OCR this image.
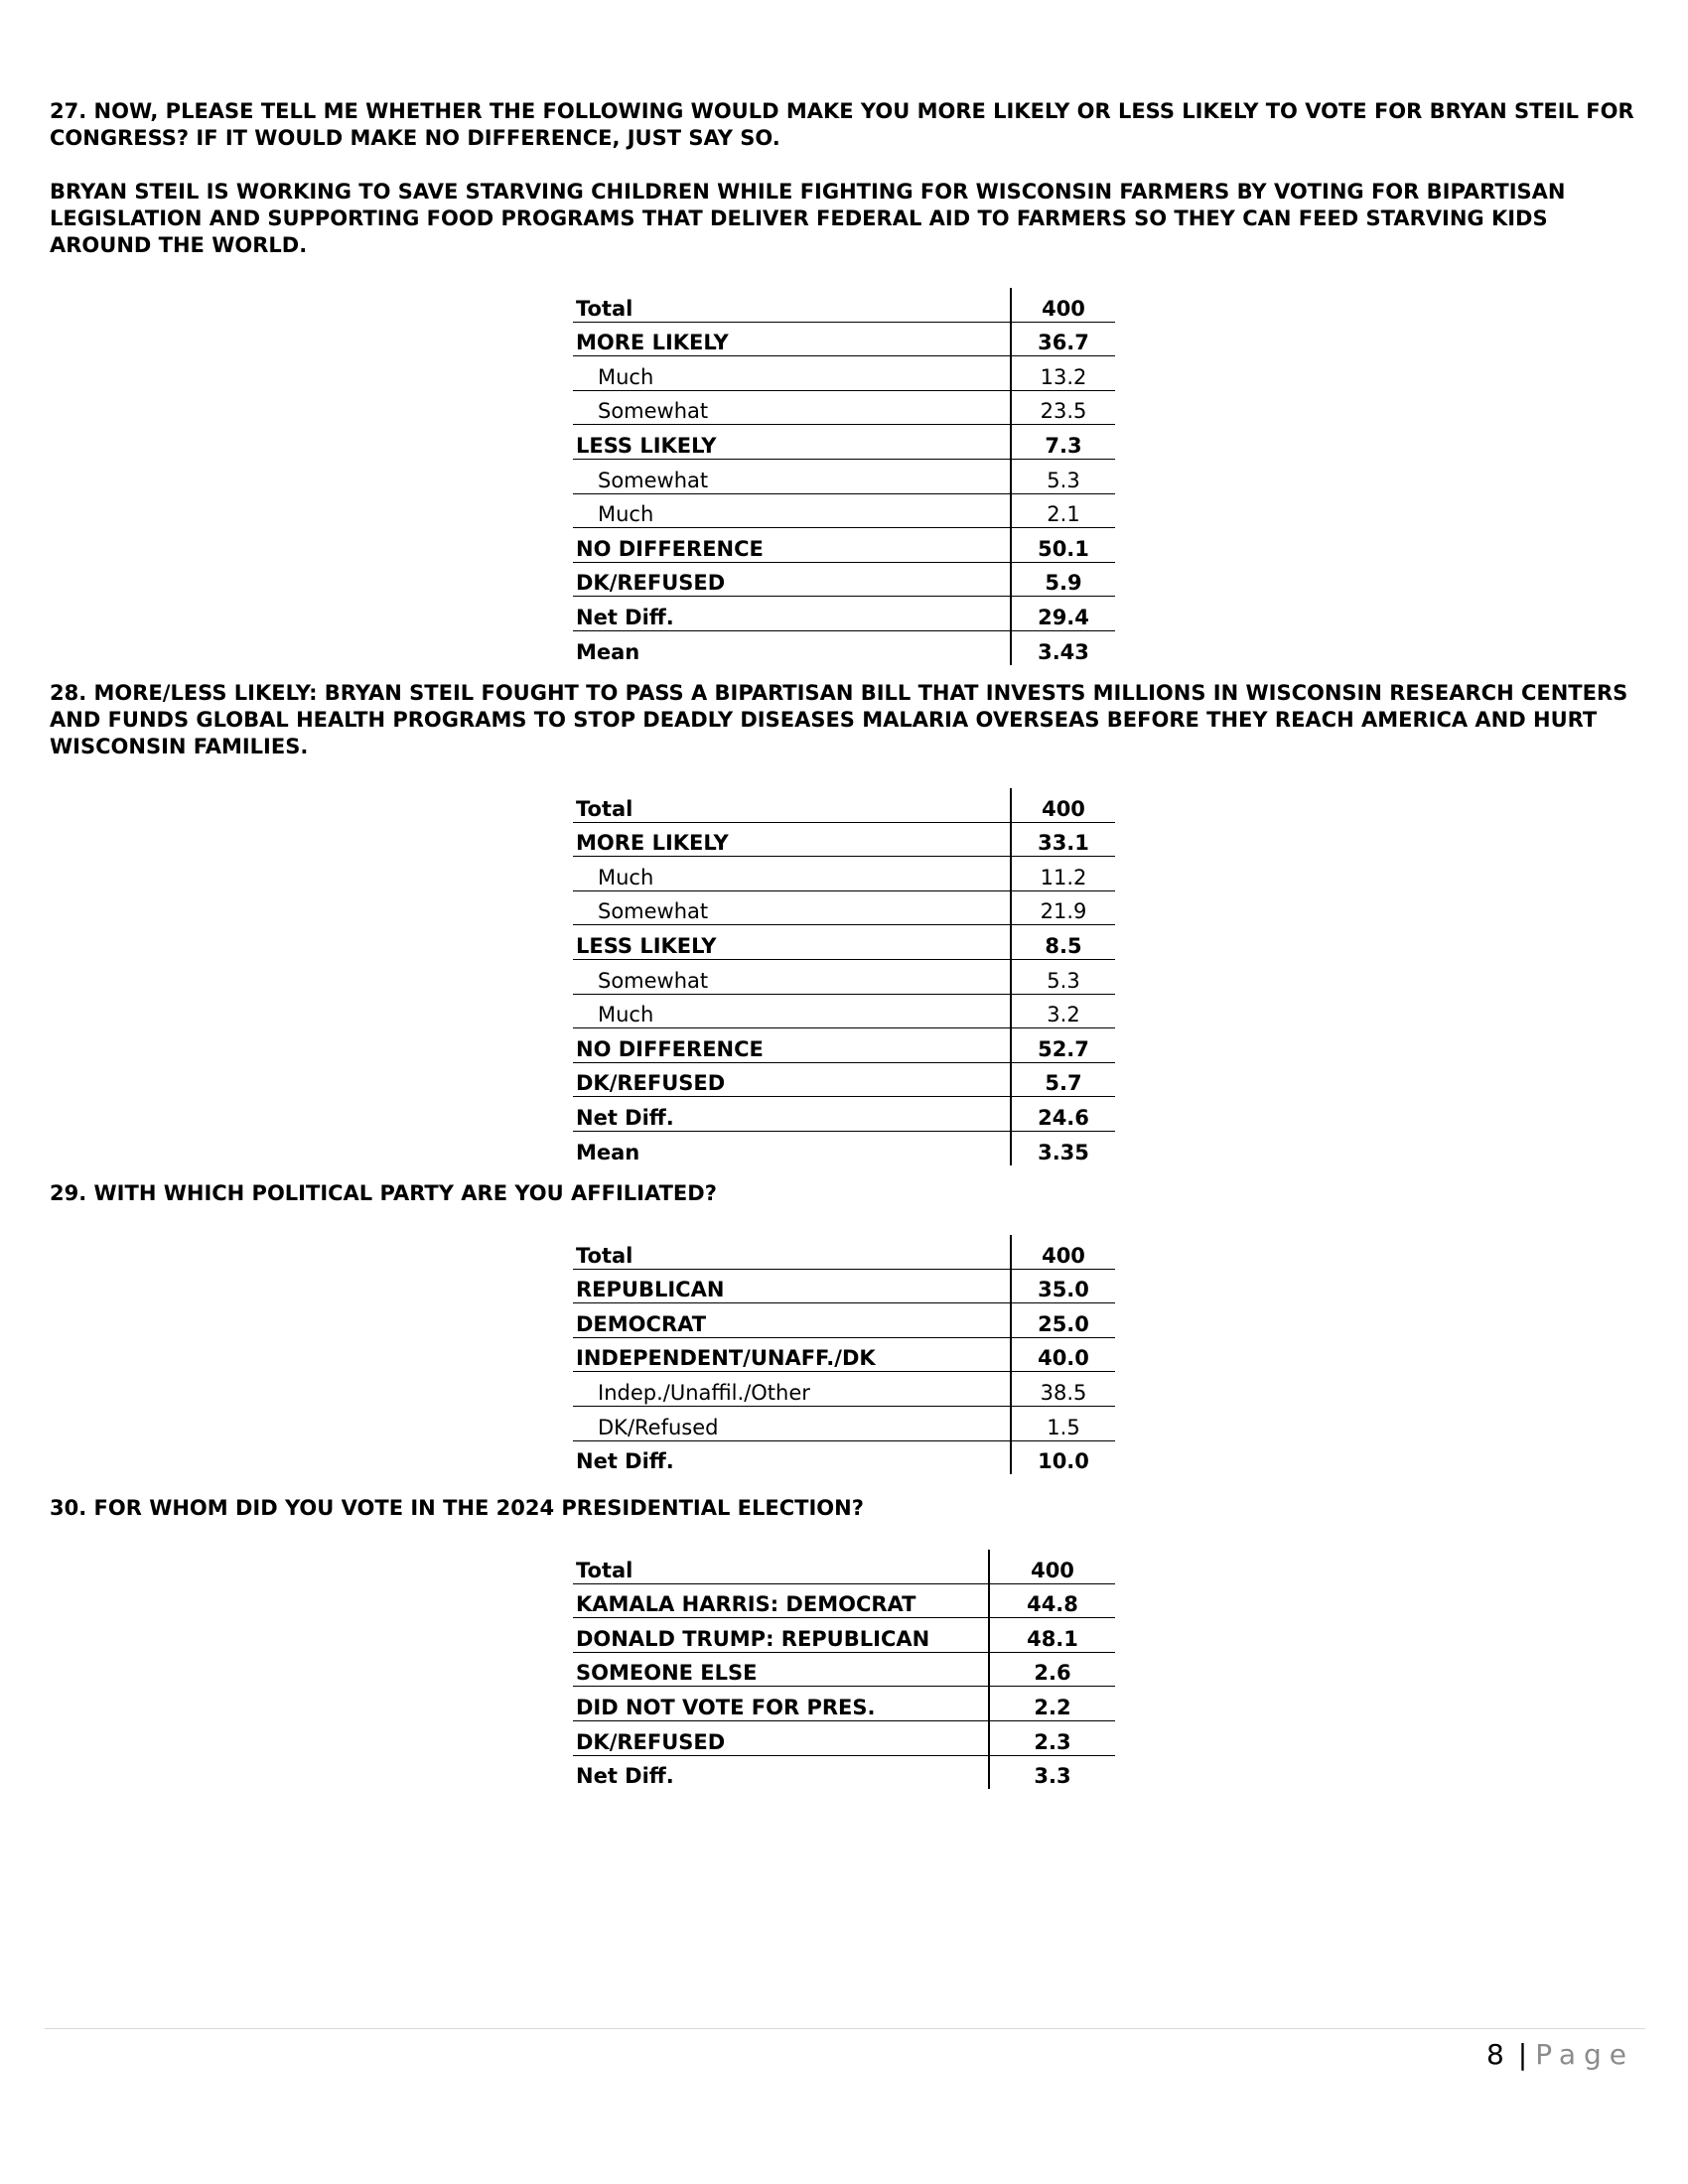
27. NOW, PLEASE TELL ME WHETHER THE FOLLOWING WOULD MAKE YOU MORE LIKELY OR LESS LIKELY TO VOTE FOR BRYAN STEIL FOR CONGRESS? IF IT WOULD MAKE NO DIFFERENCE, JUST SAY SO.

BRYAN STEIL IS WORKING TO SAVE STARVING CHILDREN WHILE FIGHTING FOR WISCONSIN FARMERS BY VOTING FOR BIPARTISAN LEGISLATION AND SUPPORTING FOOD PROGRAMS THAT DELIVER FEDERAL AID TO FARMERS SO THEY CAN FEED STARVING KIDS AROUND THE WORLD.

Total	400
MORE LIKELY	36.7
Much	13.2
Somewhat	23.5
LESS LIKELY	7.3
Somewhat	5.3
Much	2.1
NO DIFFERENCE	50.1
DK/REFUSED	5.9
Net Diff.	29.4
Mean	3.43

28. MORE/LESS LIKELY: BRYAN STEIL FOUGHT TO PASS A BIPARTISAN BILL THAT INVESTS MILLIONS IN WISCONSIN RESEARCH CENTERS AND FUNDS GLOBAL HEALTH PROGRAMS TO STOP DEADLY DISEASES MALARIA OVERSEAS BEFORE THEY REACH AMERICA AND HURT WISCONSIN FAMILIES.

Total	400
MORE LIKELY	33.1
Much	11.2
Somewhat	21.9
LESS LIKELY	8.5
Somewhat	5.3
Much	3.2
NO DIFFERENCE	52.7
DK/REFUSED	5.7
Net Diff.	24.6
Mean	3.35

29. WITH WHICH POLITICAL PARTY ARE YOU AFFILIATED?

Total	400
REPUBLICAN	35.0
DEMOCRAT	25.0
INDEPENDENT/UNAFF./DK	40.0
Indep./Unaffil./Other	38.5
DK/Refused	1.5
Net Diff.	10.0

30. FOR WHOM DID YOU VOTE IN THE 2024 PRESIDENTIAL ELECTION?

Total	400
KAMALA HARRIS: DEMOCRAT	44.8
DONALD TRUMP: REPUBLICAN	48.1
SOMEONE ELSE	2.6
DID NOT VOTE FOR PRES.	2.2
DK/REFUSED	2.3
Net Diff.	3.3
8 | Page
